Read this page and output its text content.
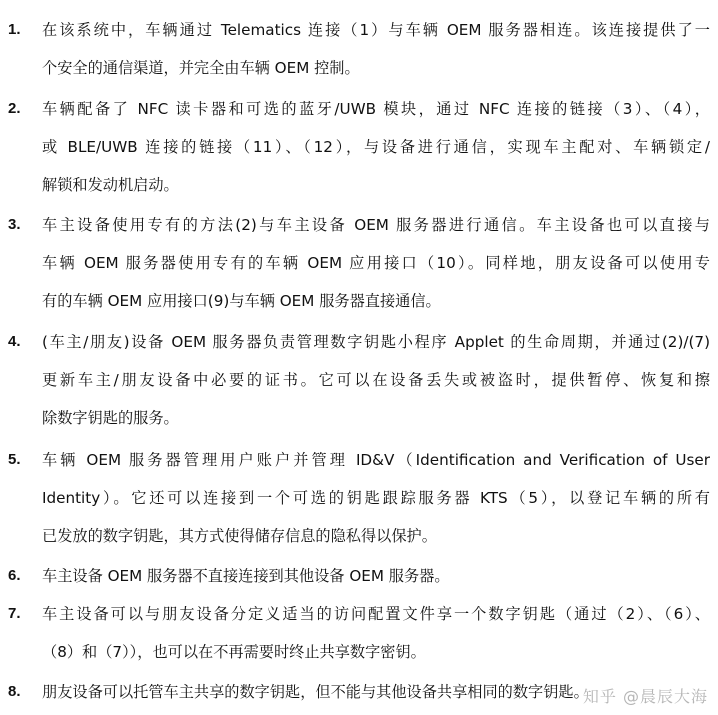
1. 在该系统中，车辆通过 Telematics 连接（1）与车辆 OEM 服务器相连。该连接提供了一
个安全的通信渠道，并完全由车辆 OEM 控制。
2. 车辆配备了 NFC 读卡器和可选的蓝牙/UWB 模块，通过 NFC 连接的链接（3）、（4），
或 BLE/UWB 连接的链接（11）、（12），与设备进行通信，实现车主配对、车辆锁定/
解锁和发动机启动。
3. 车主设备使用专有的方法(2)与车主设备 OEM 服务器进行通信。车主设备也可以直接与
车辆 OEM 服务器使用专有的车辆 OEM 应用接口（10）。同样地，朋友设备可以使用专
有的车辆 OEM 应用接口(9)与车辆 OEM 服务器直接通信。
4. (车主/朋友)设备 OEM 服务器负责管理数字钥匙小程序 Applet 的生命周期，并通过(2)/(7)
更新车主/朋友设备中必要的证书。它可以在设备丢失或被盗时，提供暂停、恢复和擦
除数字钥匙的服务。
5. 车辆 OEM 服务器管理用户账户并管理 ID&V（Identification and Verification of User
Identity）。它还可以连接到一个可选的钥匙跟踪服务器 KTS（5），以登记车辆的所有
已发放的数字钥匙，其方式使得储存信息的隐私得以保护。
6. 车主设备 OEM 服务器不直接连接到其他设备 OEM 服务器。
7. 车主设备可以与朋友设备分定义适当的访问配置文件享一个数字钥匙（通过（2）、（6）、
（8）和（7）），也可以在不再需要时终止共享数字密钥。
8. 朋友设备可以托管车主共享的数字钥匙，但不能与其他设备共享相同的数字钥匙。
知乎 @晨辰大海
